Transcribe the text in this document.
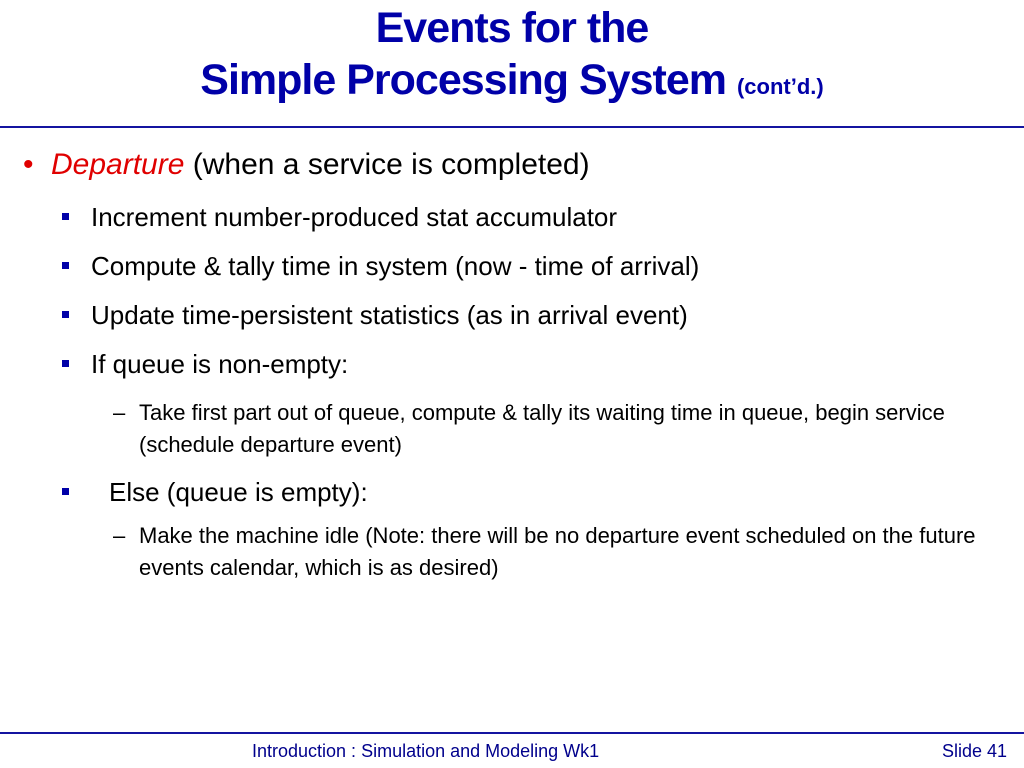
Events for the
Simple Processing System (cont’d.)
• Departure (when a service is completed)
Increment number-produced stat accumulator
Compute & tally time in system (now - time of arrival)
Update time-persistent statistics (as in arrival event)
If queue is non-empty:
– Take first part out of queue, compute & tally its waiting time in queue, begin service (schedule departure event)
Else (queue is empty):
– Make the machine idle (Note: there will be no departure event scheduled on the future events calendar, which is as desired)
Introduction : Simulation and Modeling Wk1	Slide 41
